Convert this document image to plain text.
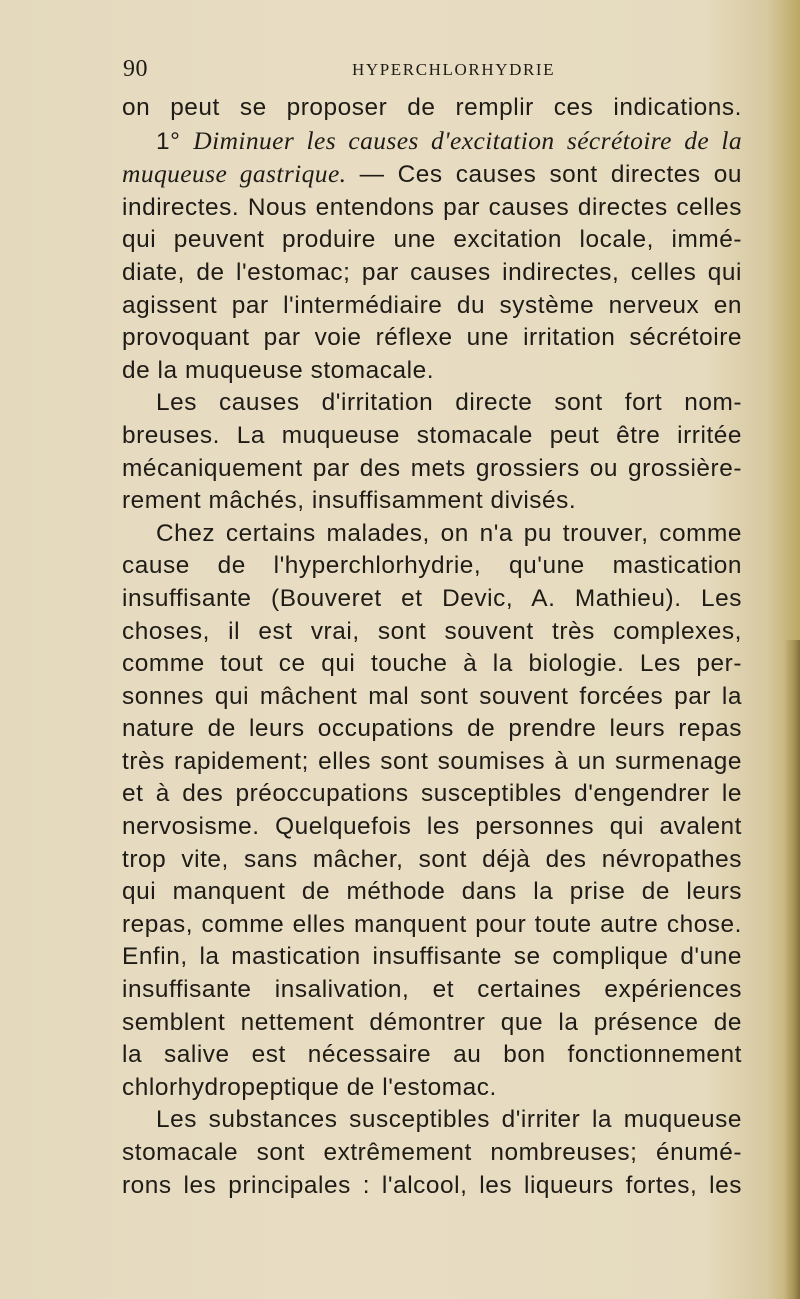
90	HYPERCHLORHYDRIE

on peut se proposer de remplir ces indications.

1° Diminuer les causes d'excitation sécrétoire de la

muqueuse gastrique. — Ces causes sont directes ou

indirectes. Nous entendons par causes directes celles

qui peuvent produire une excitation locale, immé-

diate, de l'estomac; par causes indirectes, celles qui

agissent par l'intermédiaire du système nerveux en

provoquant par voie réflexe une irritation sécrétoire

de la muqueuse stomacale.

Les causes d'irritation directe sont fort nom-

breuses. La muqueuse stomacale peut être irritée

mécaniquement par des mets grossiers ou grossière-

rement mâchés, insuffisamment divisés.

Chez certains malades, on n'a pu trouver, comme

cause de l'hyperchlorhydrie, qu'une mastication

insuffisante (Bouveret et Devic, A. Mathieu). Les

choses, il est vrai, sont souvent très complexes,

comme tout ce qui touche à la biologie. Les per-

sonnes qui mâchent mal sont souvent forcées par la

nature de leurs occupations de prendre leurs repas

très rapidement; elles sont soumises à un surmenage

et à des préoccupations susceptibles d'engendrer le

nervosisme. Quelquefois les personnes qui avalent

trop vite, sans mâcher, sont déjà des névropathes

qui manquent de méthode dans la prise de leurs

repas, comme elles manquent pour toute autre chose.

Enfin, la mastication insuffisante se complique d'une

insuffisante insalivation, et certaines expériences

semblent nettement démontrer que la présence de

la salive est nécessaire au bon fonctionnement

chlorhydropeptique de l'estomac.

Les substances susceptibles d'irriter la muqueuse

stomacale sont extrêmement nombreuses; énumé-

rons les principales : l'alcool, les liqueurs fortes, les
